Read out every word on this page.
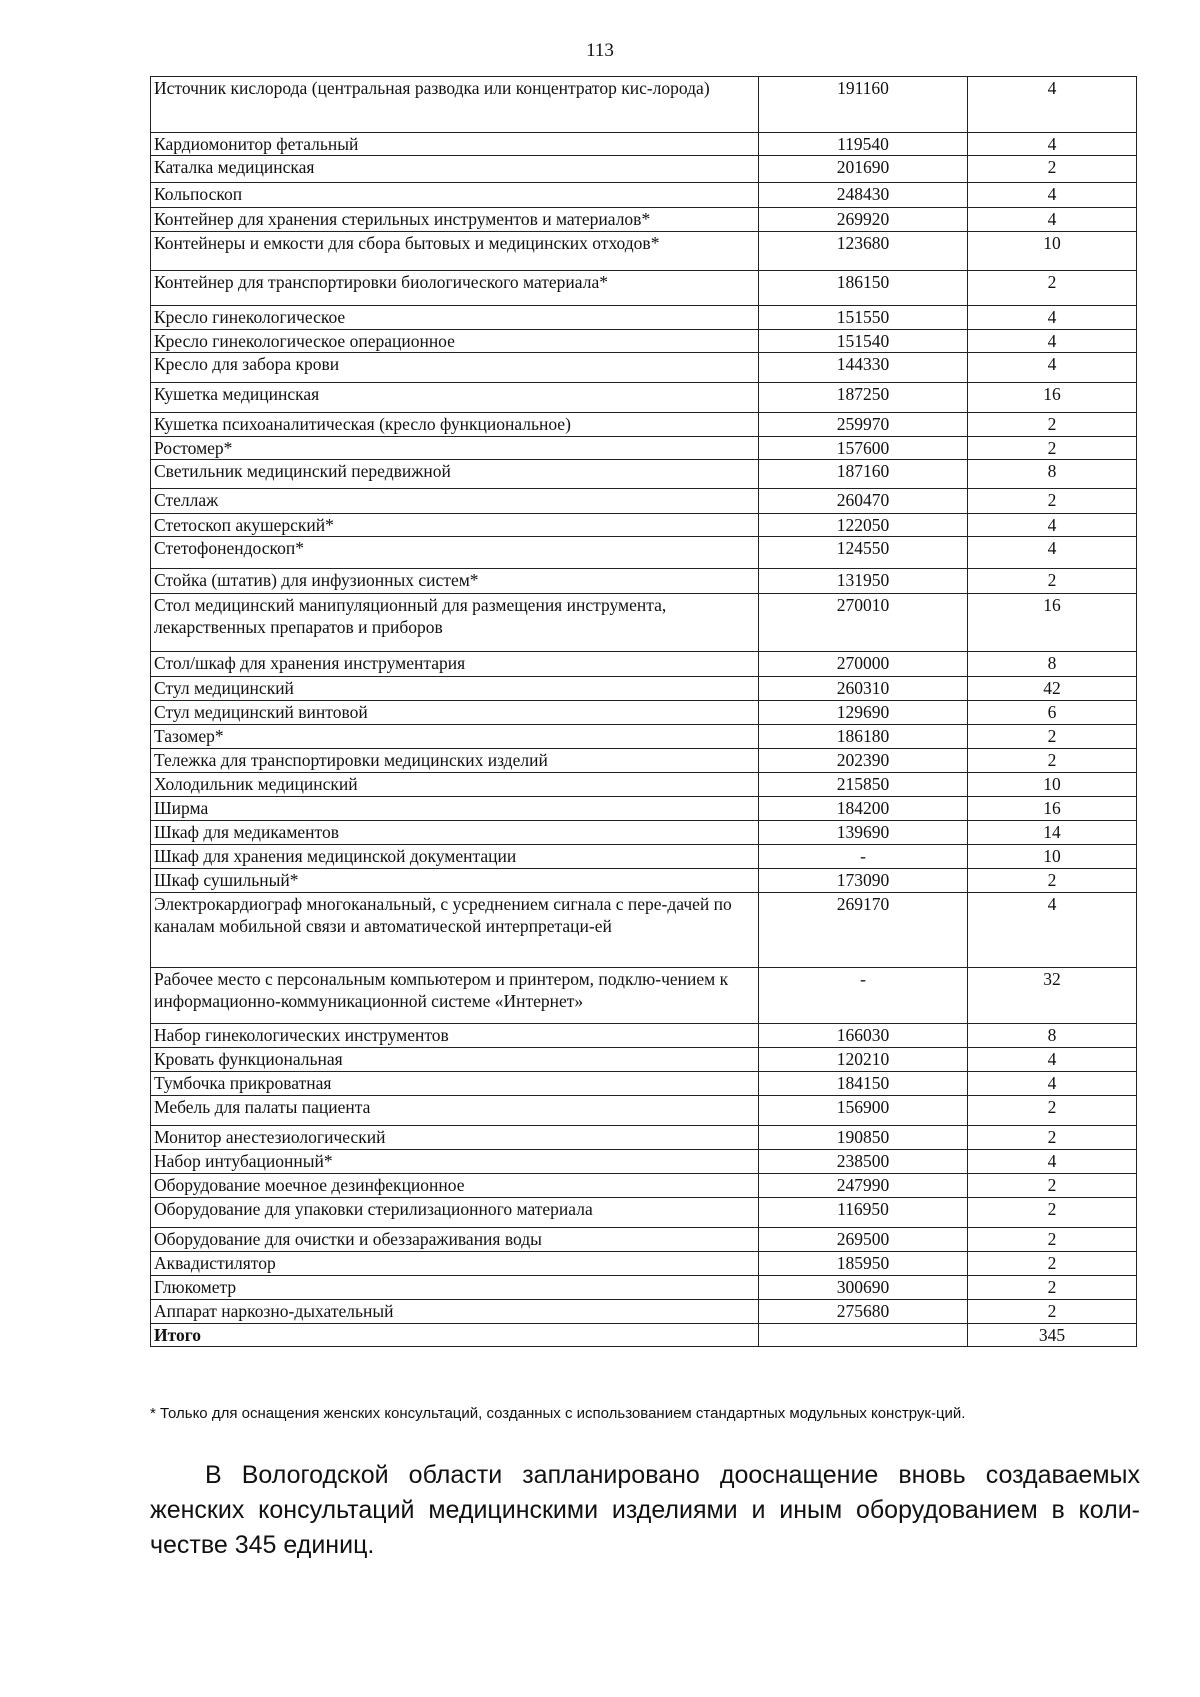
113
Источник кислорода (центральная разводка или концентратор кис-лорода)	191160	4
Кардиомонитор фетальный	119540	4
Каталка медицинская	201690	2
Кольпоскоп	248430	4
Контейнер для хранения стерильных инструментов и материалов*	269920	4
Контейнеры и емкости для сбора бытовых и медицинских отходов*	123680	10
Контейнер для транспортировки биологического материала*	186150	2
Кресло гинекологическое	151550	4
Кресло гинекологическое операционное	151540	4
Кресло для забора крови	144330	4
Кушетка медицинская	187250	16
Кушетка психоаналитическая (кресло функциональное)	259970	2
Ростомер*	157600	2
Светильник медицинский передвижной	187160	8
Стеллаж	260470	2
Стетоскоп акушерский*	122050	4
Стетофонендоскоп*	124550	4
Стойка (штатив) для инфузионных систем*	131950	2
Стол медицинский манипуляционный для размещения инструмента, лекарственных препаратов и приборов	270010	16
Стол/шкаф для хранения инструментария	270000	8
Стул медицинский	260310	42
Стул медицинский винтовой	129690	6
Тазомер*	186180	2
Тележка для транспортировки медицинских изделий	202390	2
Холодильник медицинский	215850	10
Ширма	184200	16
Шкаф для медикаментов	139690	14
Шкаф для хранения медицинской документации	-	10
Шкаф сушильный*	173090	2
Электрокардиограф многоканальный, с усреднением сигнала с пере-дачей по каналам мобильной связи и автоматической интерпретаци-ей	269170	4
Рабочее место с персональным компьютером и принтером, подклю-чением к информационно-коммуникационной системе «Интернет»	-	32
Набор гинекологических инструментов	166030	8
Кровать функциональная	120210	4
Тумбочка прикроватная	184150	4
Мебель для палаты пациента	156900	2
Монитор анестезиологический	190850	2
Набор интубационный*	238500	4
Оборудование моечное дезинфекционное	247990	2
Оборудование для упаковки стерилизационного материала	116950	2
Оборудование для очистки и обеззараживания воды	269500	2
Аквадистилятор	185950	2
Глюкометр	300690	2
Аппарат наркозно-дыхательный	275680	2
Итого		345
* Только для оснащения женских консультаций, созданных с использованием стандартных модульных конструк-ций.
В Вологодской области запланировано дооснащение вновь создаваемых женских консультаций медицинскими изделиями и иным оборудованием в коли-честве 345 единиц.
